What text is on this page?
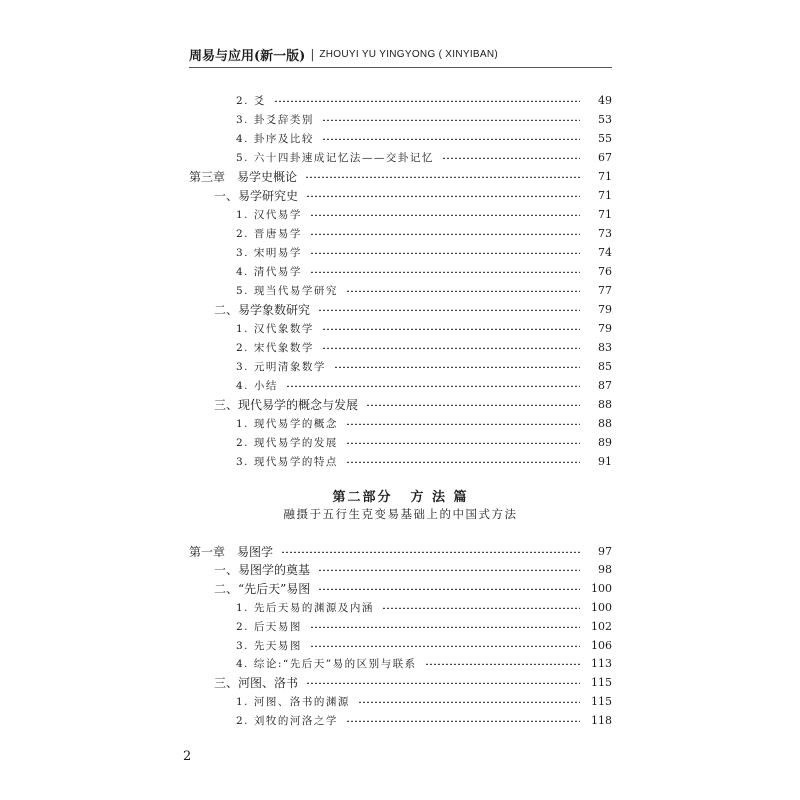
周易与应用(新一版) | ZHOUYI YU YINGYONG ( XINYIBAN)
2. 爻	49
3. 卦爻辞类别	53
4. 卦序及比较	55
5. 六十四卦速成记忆法——交卦记忆	67
第三章　易学史概论	71
一、易学研究史	71
1. 汉代易学	71
2. 晋唐易学	73
3. 宋明易学	74
4. 清代易学	76
5. 现当代易学研究	77
二、易学象数研究	79
1. 汉代象数学	79
2. 宋代象数学	83
3. 元明清象数学	85
4. 小结	87
三、现代易学的概念与发展	88
1. 现代易学的概念	88
2. 现代易学的发展	89
3. 现代易学的特点	91
第一章　易图学	97
一、易图学的奠基	98
二、“先后天”易图	100
1. 先后天易的渊源及内涵	100
2. 后天易图	102
3. 先天易图	106
4. 综论:“先后天”易的区别与联系	113
三、河图、洛书	115
1. 河图、洛书的渊源	115
2. 刘牧的河洛之学	118
第二部分 方 法 篇
融摄于五行生克变易基础上的中国式方法
2
